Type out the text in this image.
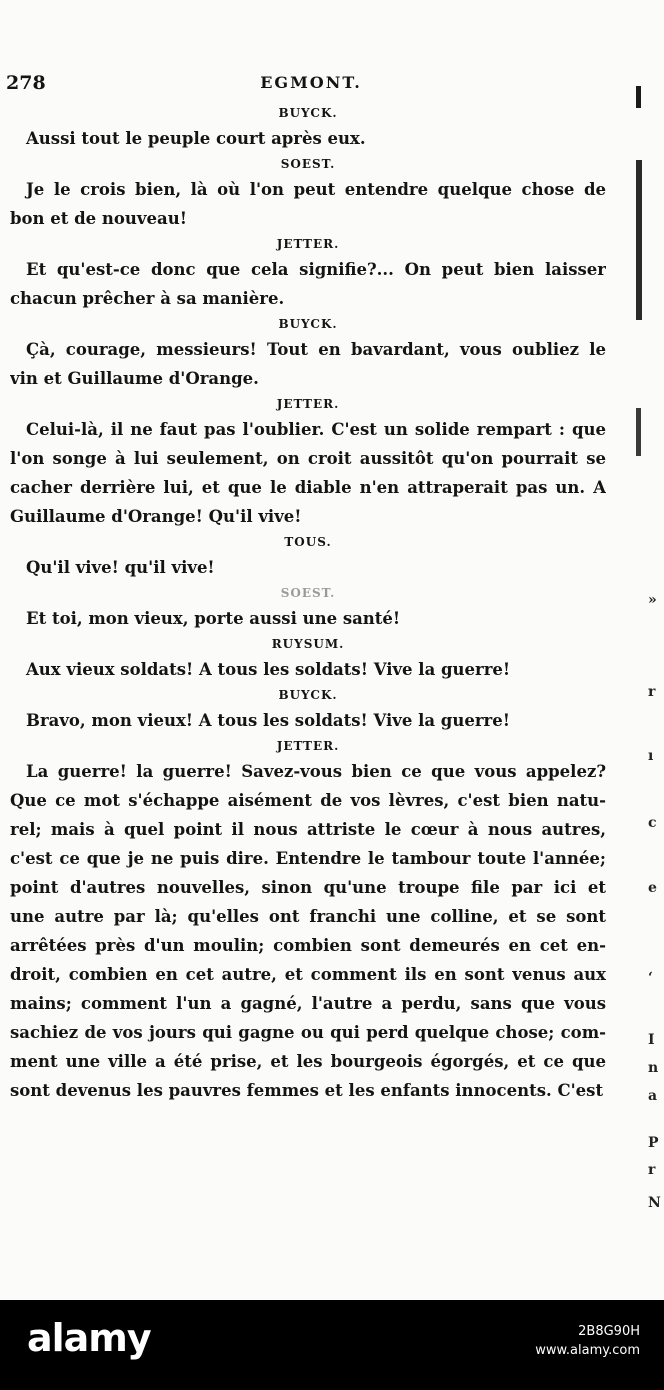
278	EGMONT.
BUYCK.
Aussi tout le peuple court après eux.
SOEST.
Je le crois bien, là où l'on peut entendre quelque chose de
bon et de nouveau!
JETTER.
Et qu'est-ce donc que cela signifie?... On peut bien laisser
chacun prêcher à sa manière.
BUYCK.
Çà, courage, messieurs! Tout en bavardant, vous oubliez le
vin et Guillaume d'Orange.
JETTER.
Celui-là, il ne faut pas l'oublier. C'est un solide rempart : que
l'on songe à lui seulement, on croit aussitôt qu'on pourrait se
cacher derrière lui, et que le diable n'en attraperait pas un. A
Guillaume d'Orange! Qu'il vive!
TOUS.
Qu'il vive! qu'il vive!
SOEST.
Et toi, mon vieux, porte aussi une santé!
RUYSUM.
Aux vieux soldats! A tous les soldats! Vive la guerre!
BUYCK.
Bravo, mon vieux! A tous les soldats! Vive la guerre!
JETTER.
La guerre! la guerre! Savez-vous bien ce que vous appelez?
Que ce mot s'échappe aisément de vos lèvres, c'est bien natu-
rel; mais à quel point il nous attriste le cœur à nous autres,
c'est ce que je ne puis dire. Entendre le tambour toute l'année;
point d'autres nouvelles, sinon qu'une troupe file par ici et
une autre par là; qu'elles ont franchi une colline, et se sont
arrêtées près d'un moulin; combien sont demeurés en cet en-
droit, combien en cet autre, et comment ils en sont venus aux
mains; comment l'un a gagné, l'autre a perdu, sans que vous
sachiez de vos jours qui gagne ou qui perd quelque chose; com-
ment une ville a été prise, et les bourgeois égorgés, et ce que
sont devenus les pauvres femmes et les enfants innocents. C'est
»
r
ı
c
e
ʻ
I
n
a
P
r
N
alamy	2B8G90H
www.alamy.com
